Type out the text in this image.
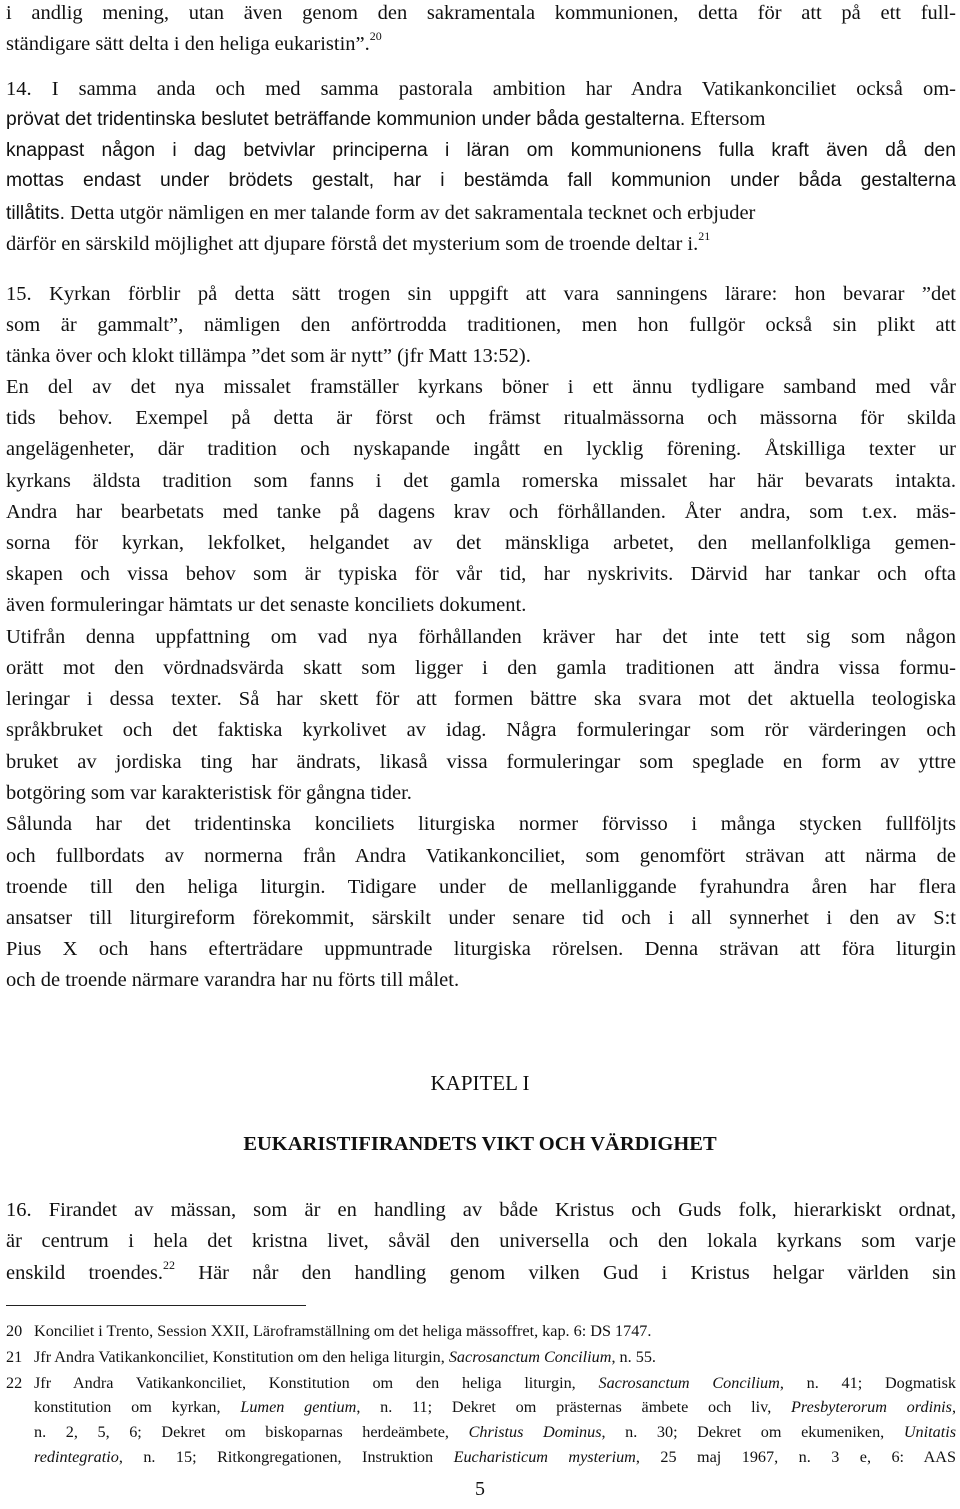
i andlig mening, utan även genom den sakramentala kommunionen, detta för att på ett full-
ständigare sätt delta i den heliga eukaristin”.$^{20}$
14. I samma anda och med samma pastorala ambition har Andra Vatikankonciliet också om-
prövat det tridentinska beslutet beträffande kommunion under båda gestalterna. Eftersom
knappast någon i dag betvivlar principerna i läran om kommunionens fulla kraft även då den
mottas endast under brödets gestalt, har i bestämda fall kommunion under båda gestalterna
tillåtits. Detta utgör nämligen en mer talande form av det sakramentala tecknet och erbjuder
därför en särskild möjlighet att djupare förstå det mysterium som de troende deltar i.$^{21}$
15. Kyrkan förblir på detta sätt trogen sin uppgift att vara sanningens lärare: hon bevarar ”det
som är gammalt”, nämligen den anförtrodda traditionen, men hon fullgör också sin plikt att
tänka över och klokt tillämpa ”det som är nytt” (jfr Matt 13:52).
En del av det nya missalet framställer kyrkans böner i ett ännu tydligare samband med vår
tids behov. Exempel på detta är först och främst ritualmässorna och mässorna för skilda
angelägenheter, där tradition och nyskapande ingått en lycklig förening. Åtskilliga texter ur
kyrkans äldsta tradition som fanns i det gamla romerska missalet har här bevarats intakta.
Andra har bearbetats med tanke på dagens krav och förhållanden. Åter andra, som t.ex. mäs-
sorna för kyrkan, lekfolket, helgandet av det mänskliga arbetet, den mellanfolkliga gemen-
skapen och vissa behov som är typiska för vår tid, har nyskrivits. Därvid har tankar och ofta
även formuleringar hämtats ur det senaste konciliets dokument.
Utifrån denna uppfattning om vad nya förhållanden kräver har det inte tett sig som någon
orätt mot den vördnadsvärda skatt som ligger i den gamla traditionen att ändra vissa formu-
leringar i dessa texter. Så har skett för att formen bättre ska svara mot det aktuella teologiska
språkbruket och det faktiska kyrkolivet av idag. Några formuleringar som rör värderingen och
bruket av jordiska ting har ändrats, likaså vissa formuleringar som speglade en form av yttre
botgöring som var karakteristisk för gångna tider.
Sålunda har det tridentinska konciliets liturgiska normer förvisso i många stycken fullföljts
och fullbordats av normerna från Andra Vatikankonciliet, som genomfört strävan att närma de
troende till den heliga liturgin. Tidigare under de mellanliggande fyrahundra åren har flera
ansatser till liturgireform förekommit, särskilt under senare tid och i all synnerhet i den av S:t
Pius X och hans efterträdare uppmuntrade liturgiska rörelsen. Denna strävan att föra liturgin
och de troende närmare varandra har nu förts till målet.
KAPITEL I
EUKARISTIFIRANDETS VIKT OCH VÄRDIGHET
16. Firandet av mässan, som är en handling av både Kristus och Guds folk, hierarkiskt ordnat,
är centrum i hela det kristna livet, såväl den universella och den lokala kyrkans som varje
enskild troendes.$^{22}$ Här når den handling genom vilken Gud i Kristus helgar världen sin
20 Konciliet i Trento, Session XXII, Läroframställning om det heliga mässoffret, kap. 6: DS 1747.
21 Jfr Andra Vatikankonciliet, Konstitution om den heliga liturgin, Sacrosanctum Concilium, n. 55.
22 Jfr Andra Vatikankonciliet, Konstitution om den heliga liturgin, Sacrosanctum Concilium, n. 41; Dogmatisk
konstitution om kyrkan, Lumen gentium, n. 11; Dekret om prästernas ämbete och liv, Presbyterorum ordinis,
n. 2, 5, 6; Dekret om biskoparnas herdeämbete, Christus Dominus, n. 30; Dekret om ekumeniken, Unitatis
redintegratio, n. 15; Ritkongregationen, Instruktion Eucharisticum mysterium, 25 maj 1967, n. 3 e, 6: AAS
5
